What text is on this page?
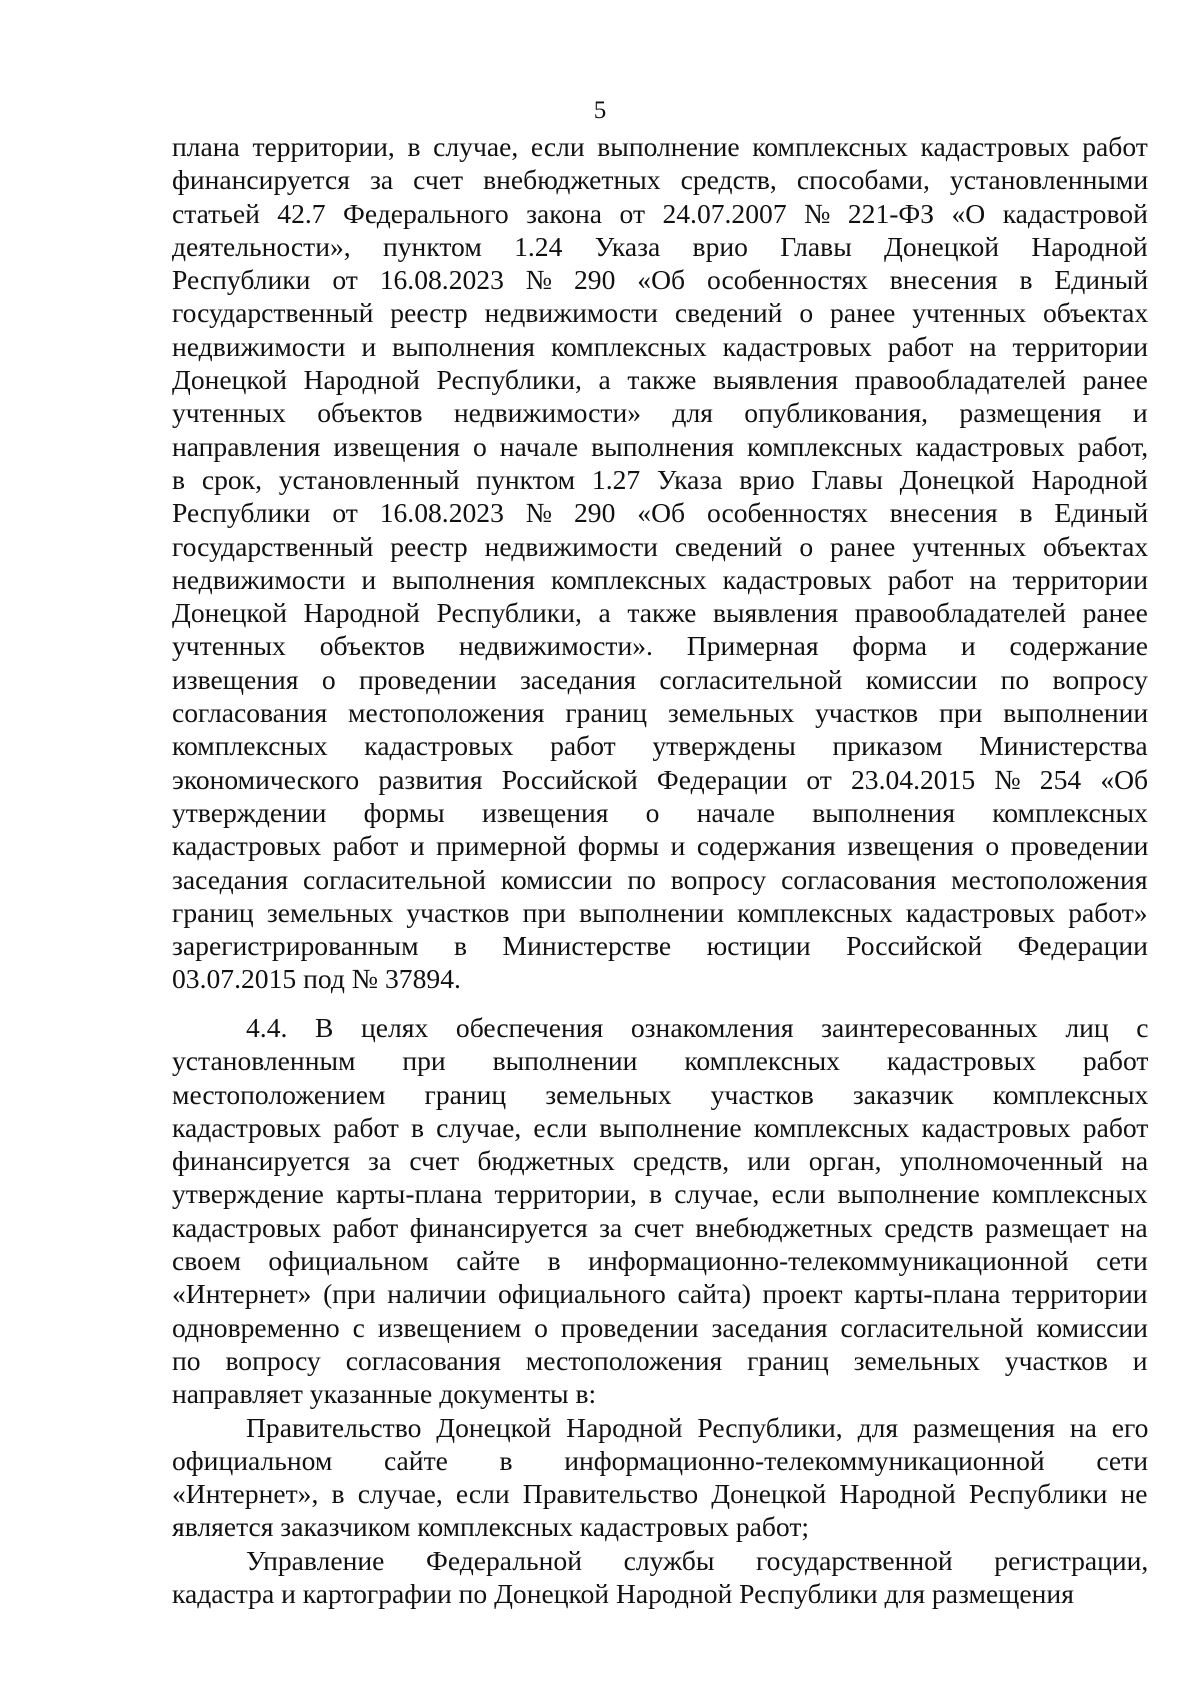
5
плана территории, в случае, если выполнение комплексных кадастровых работ
финансируется за счет внебюджетных средств, способами, установленными
статьей 42.7 Федерального закона от 24.07.2007 № 221-ФЗ «О кадастровой
деятельности», пунктом 1.24 Указа врио Главы Донецкой Народной
Республики от 16.08.2023 № 290 «Об особенностях внесения в Единый
государственный реестр недвижимости сведений о ранее учтенных объектах
недвижимости и выполнения комплексных кадастровых работ на территории
Донецкой Народной Республики, а также выявления правообладателей ранее
учтенных объектов недвижимости» для опубликования, размещения и
направления извещения о начале выполнения комплексных кадастровых работ,
в срок, установленный пунктом 1.27 Указа врио Главы Донецкой Народной
Республики от 16.08.2023 № 290 «Об особенностях внесения в Единый
государственный реестр недвижимости сведений о ранее учтенных объектах
недвижимости и выполнения комплексных кадастровых работ на территории
Донецкой Народной Республики, а также выявления правообладателей ранее
учтенных объектов недвижимости». Примерная форма и содержание
извещения о проведении заседания согласительной комиссии по вопросу
согласования местоположения границ земельных участков при выполнении
комплексных кадастровых работ утверждены приказом Министерства
экономического развития Российской Федерации от 23.04.2015 № 254 «Об
утверждении формы извещения о начале выполнения комплексных
кадастровых работ и примерной формы и содержания извещения о проведении
заседания согласительной комиссии по вопросу согласования местоположения
границ земельных участков при выполнении комплексных кадастровых работ»
зарегистрированным в Министерстве юстиции Российской Федерации
03.07.2015 под № 37894.
4.4. В целях обеспечения ознакомления заинтересованных лиц с
установленным при выполнении комплексных кадастровых работ
местоположением границ земельных участков заказчик комплексных
кадастровых работ в случае, если выполнение комплексных кадастровых работ
финансируется за счет бюджетных средств, или орган, уполномоченный на
утверждение карты-плана территории, в случае, если выполнение комплексных
кадастровых работ финансируется за счет внебюджетных средств размещает на
своем официальном сайте в информационно-телекоммуникационной сети
«Интернет» (при наличии официального сайта) проект карты-плана территории
одновременно с извещением о проведении заседания согласительной комиссии
по вопросу согласования местоположения границ земельных участков и
направляет указанные документы в:
Правительство Донецкой Народной Республики, для размещения на его
официальном сайте в информационно-телекоммуникационной сети
«Интернет», в случае, если Правительство Донецкой Народной Республики не
является заказчиком комплексных кадастровых работ;
Управление Федеральной службы государственной регистрации,
кадастра и картографии по Донецкой Народной Республики для размещения
